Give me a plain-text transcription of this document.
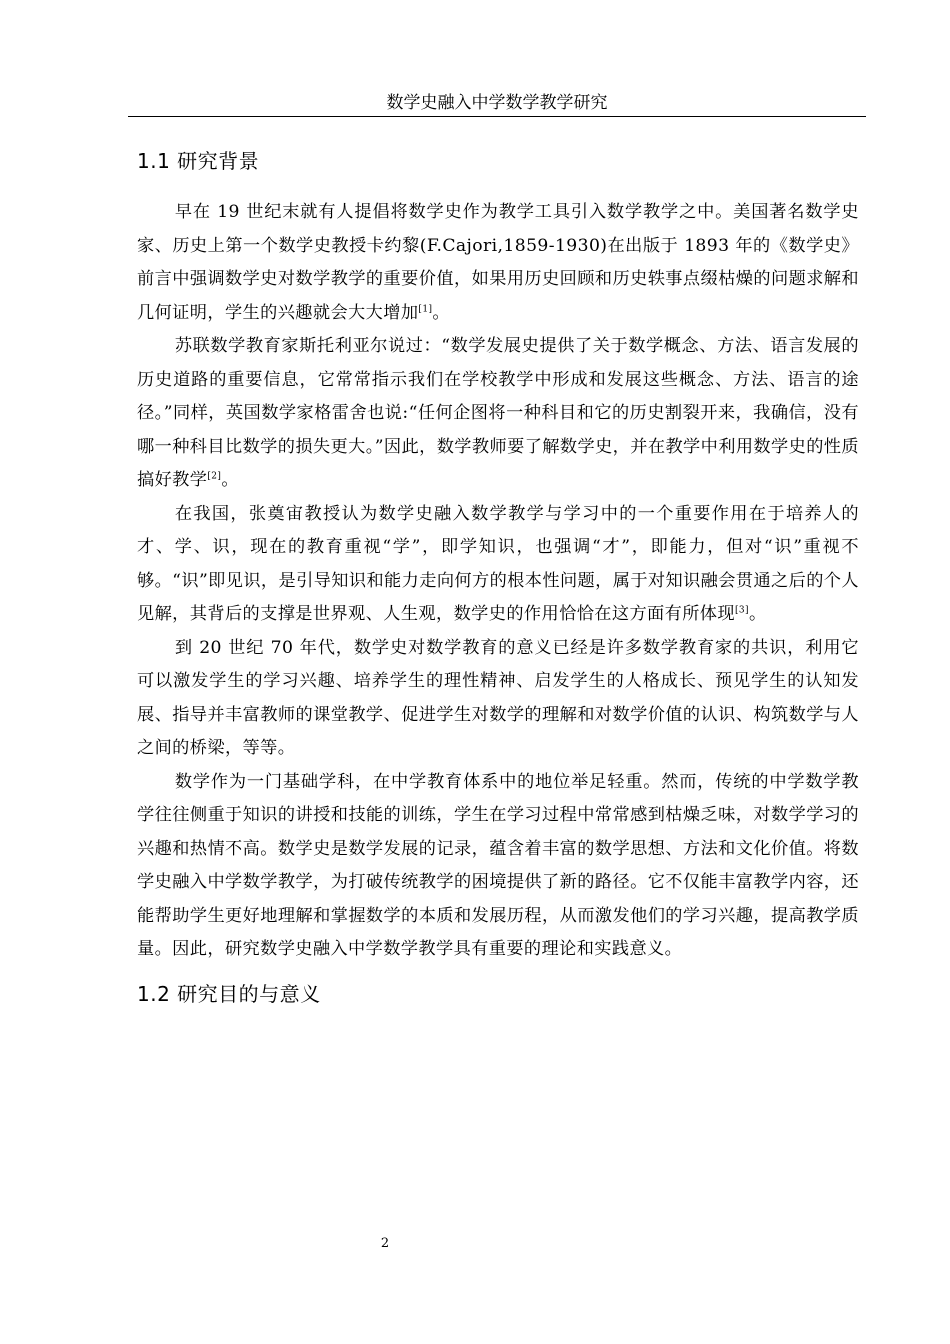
数学史融入中学数学教学研究
1.1 研究背景

早在 19 世纪末就有人提倡将数学史作为教学工具引入数学教学之中。美国著名数学史家、历史上第一个数学史教授卡约黎(F.Cajori,1859-1930)在出版于 1893 年的《数学史》前言中强调数学史对数学教学的重要价值，如果用历史回顾和历史轶事点缀枯燥的问题求解和几何证明，学生的兴趣就会大大增加[1]。

苏联数学教育家斯托利亚尔说过：“数学发展史提供了关于数学概念、方法、语言发展的历史道路的重要信息，它常常指示我们在学校教学中形成和发展这些概念、方法、语言的途径。”同样，英国数学家格雷舍也说:“任何企图将一种科目和它的历史割裂开来，我确信，没有哪一种科目比数学的损失更大。”因此，数学教师要了解数学史，并在教学中利用数学史的性质搞好教学[2]。

在我国，张奠宙教授认为数学史融入数学教学与学习中的一个重要作用在于培养人的才、学、识，现在的教育重视“学”，即学知识，也强调“才”，即能力，但对“识”重视不够。“识”即见识，是引导知识和能力走向何方的根本性问题，属于对知识融会贯通之后的个人见解，其背后的支撑是世界观、人生观，数学史的作用恰恰在这方面有所体现[3]。

到 20 世纪 70 年代，数学史对数学教育的意义已经是许多数学教育家的共识，利用它可以激发学生的学习兴趣、培养学生的理性精神、启发学生的人格成长、预见学生的认知发展、指导并丰富教师的课堂教学、促进学生对数学的理解和对数学价值的认识、构筑数学与人之间的桥梁，等等。

数学作为一门基础学科，在中学教育体系中的地位举足轻重。然而，传统的中学数学教学往往侧重于知识的讲授和技能的训练，学生在学习过程中常常感到枯燥乏味，对数学学习的兴趣和热情不高。数学史是数学发展的记录，蕴含着丰富的数学思想、方法和文化价值。将数学史融入中学数学教学，为打破传统教学的困境提供了新的路径。它不仅能丰富教学内容，还能帮助学生更好地理解和掌握数学的本质和发展历程，从而激发他们的学习兴趣，提高教学质量。因此，研究数学史融入中学数学教学具有重要的理论和实践意义。

1.2 研究目的与意义
2
